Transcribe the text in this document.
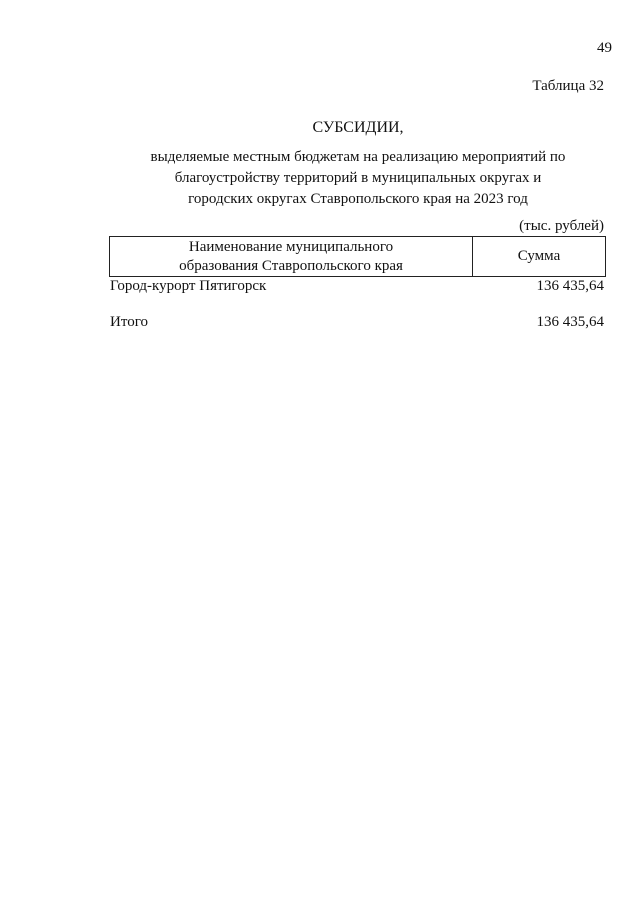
49
Таблица 32
СУБСИДИИ,
выделяемые местным бюджетам на реализацию мероприятий по
благоустройству территорий в муниципальных округах и
городских округах Ставропольского края на 2023 год
(тыс. рублей)
Наименование муниципального
образования Ставропольского края
Сумма
Город-курорт Пятигорск	136 435,64
Итого	136 435,64
